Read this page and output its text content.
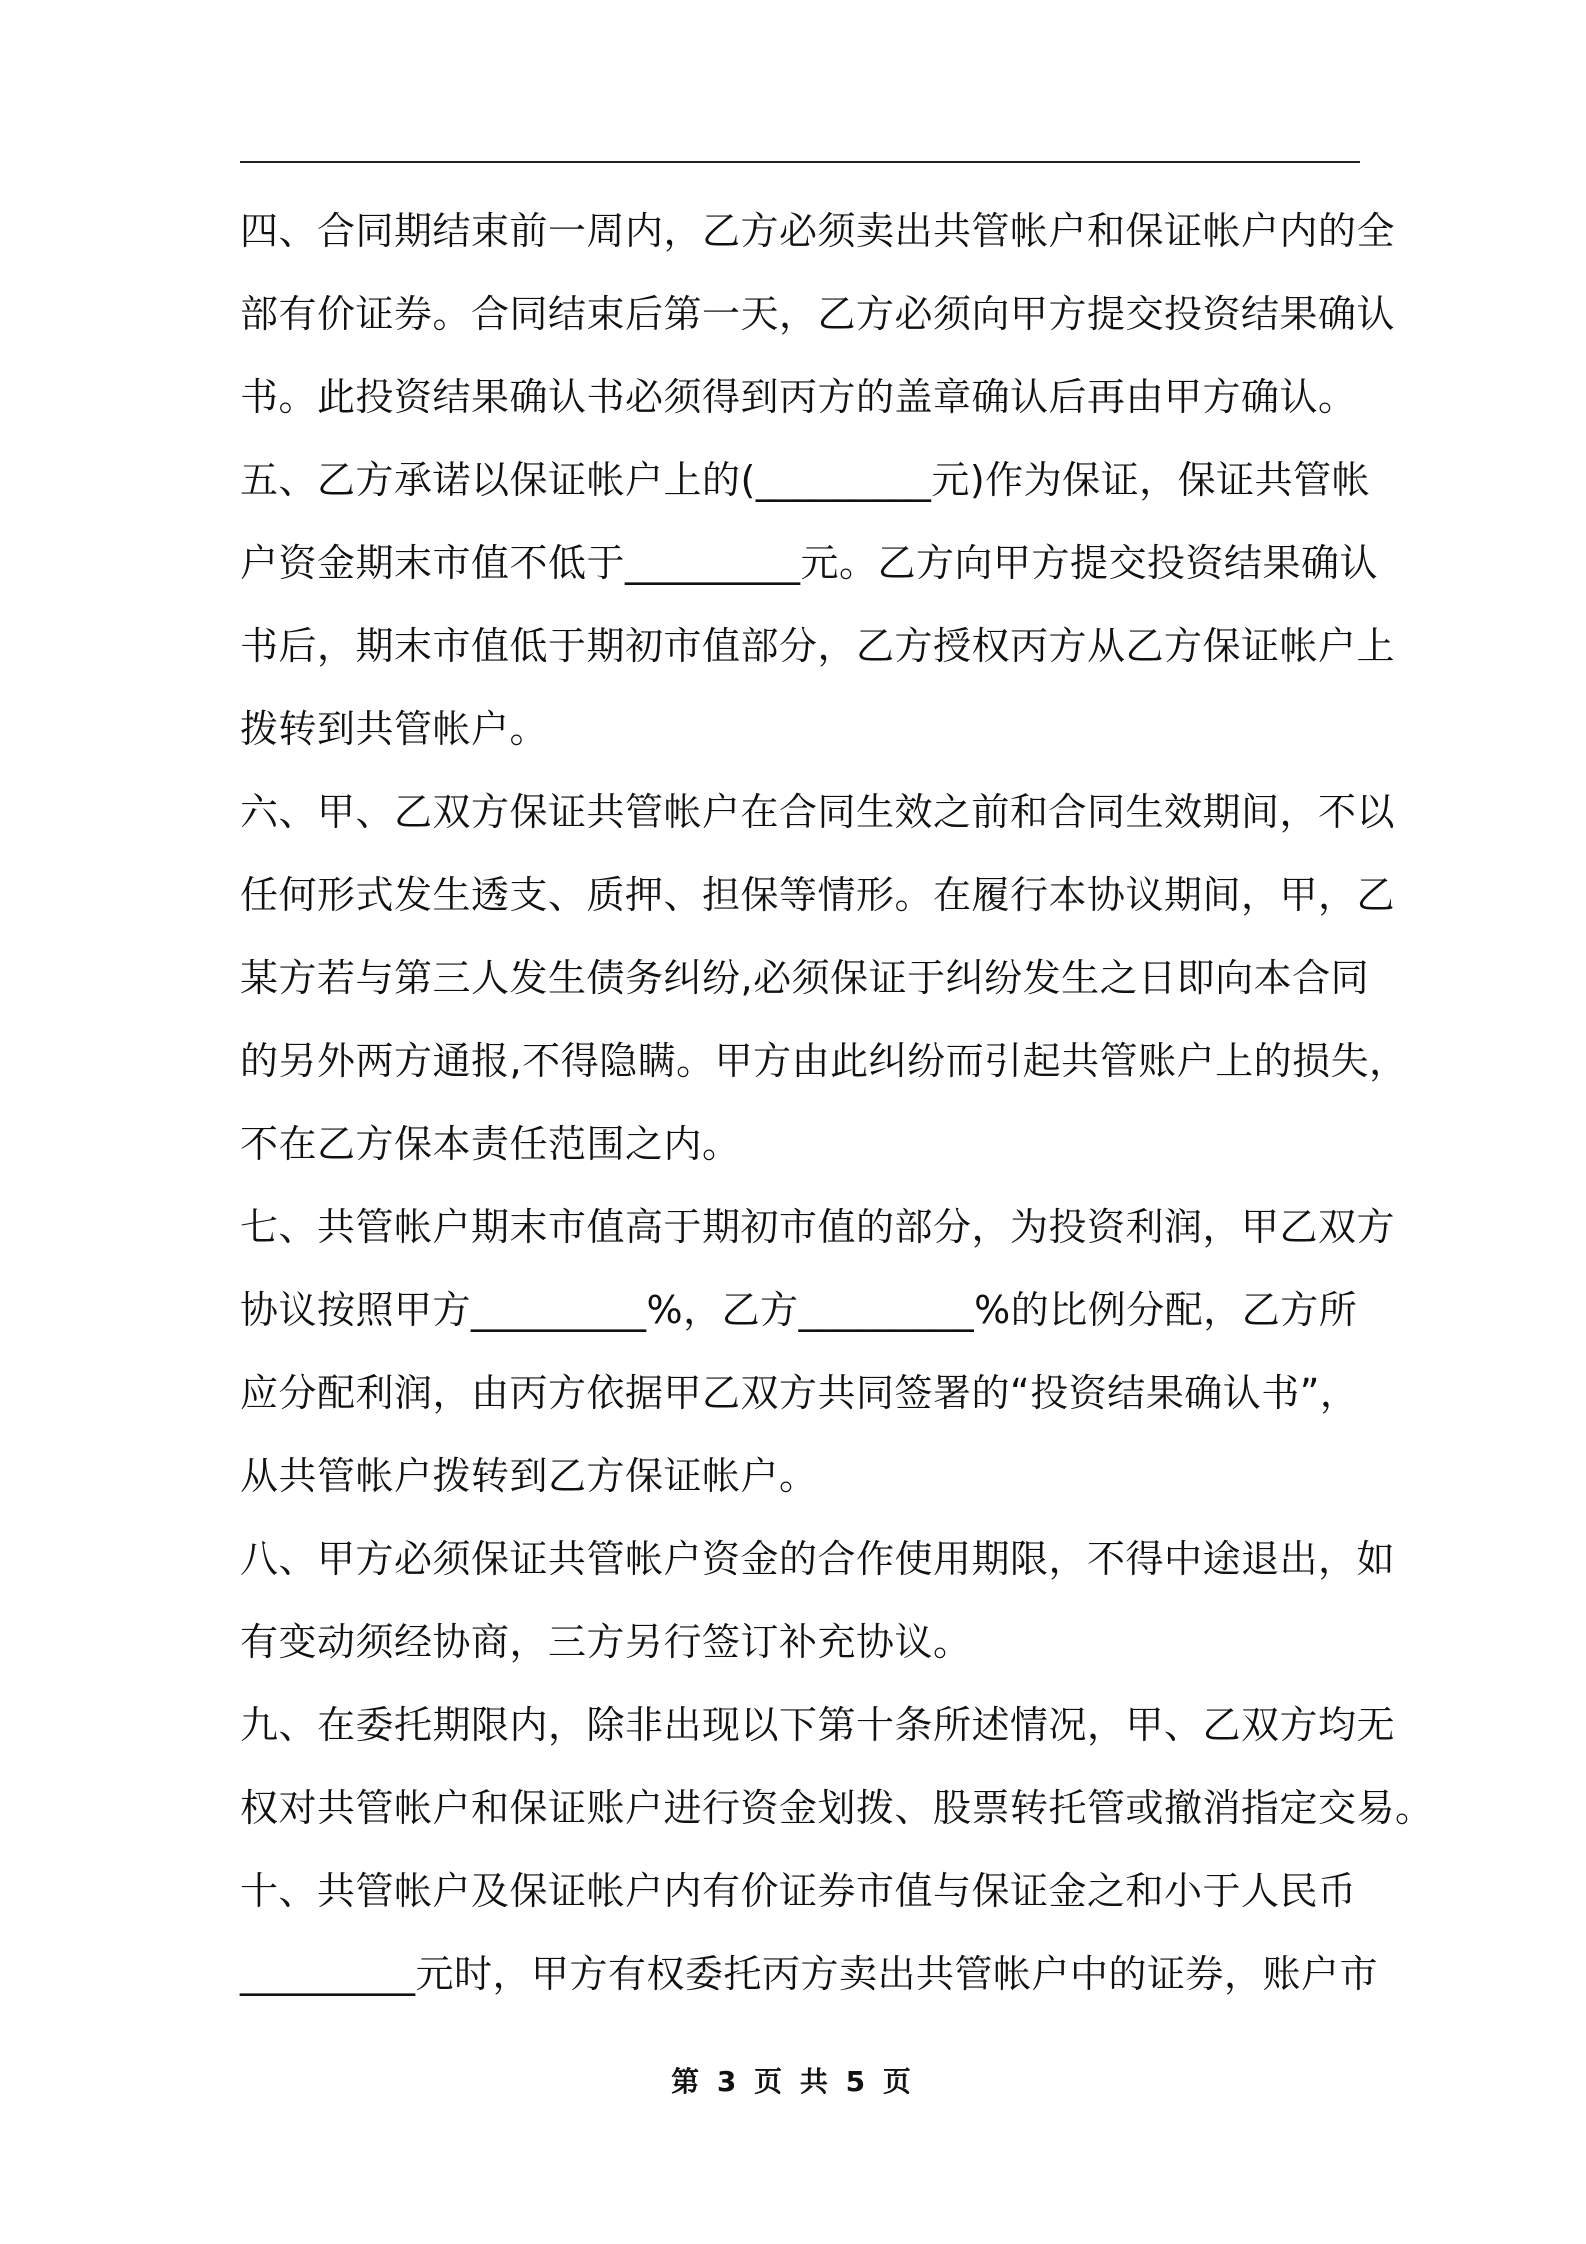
四、合同期结束前一周内，乙方必须卖出共管帐户和保证帐户内的全
部有价证券。合同结束后第一天，乙方必须向甲方提交投资结果确认
书。此投资结果确认书必须得到丙方的盖章确认后再由甲方确认。
五、乙方承诺以保证帐户上的(_________元)作为保证，保证共管帐
户资金期末市值不低于_________元。乙方向甲方提交投资结果确认
书后，期末市值低于期初市值部分，乙方授权丙方从乙方保证帐户上
拨转到共管帐户。
六、甲、乙双方保证共管帐户在合同生效之前和合同生效期间，不以
任何形式发生透支、质押、担保等情形。在履行本协议期间，甲，乙
某方若与第三人发生债务纠纷,必须保证于纠纷发生之日即向本合同
的另外两方通报,不得隐瞒。甲方由此纠纷而引起共管账户上的损失，
不在乙方保本责任范围之内。
七、共管帐户期末市值高于期初市值的部分，为投资利润，甲乙双方
协议按照甲方_________%，乙方_________%的比例分配，乙方所
应分配利润，由丙方依据甲乙双方共同签署的“投资结果确认书”，
从共管帐户拨转到乙方保证帐户。
八、甲方必须保证共管帐户资金的合作使用期限，不得中途退出，如
有变动须经协商，三方另行签订补充协议。
九、在委托期限内，除非出现以下第十条所述情况，甲、乙双方均无
权对共管帐户和保证账户进行资金划拨、股票转托管或撤消指定交易。
十、共管帐户及保证帐户内有价证券市值与保证金之和小于人民币
_________元时，甲方有权委托丙方卖出共管帐户中的证券，账户市
第 3 页 共 5 页
